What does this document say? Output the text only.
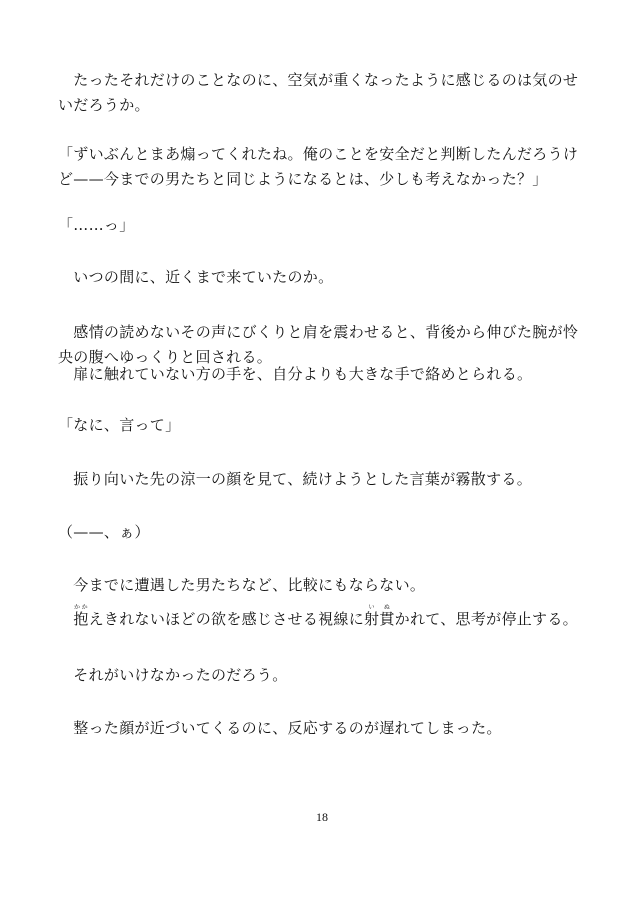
　たったそれだけのことなのに、空気が重くなったように感じるのは気のせいだろうか。

「ずいぶんとまあ煽ってくれたね。俺のことを安全だと判断したんだろうけど——今までの男たちと同じようになるとは、少しも考えなかった？」

「……っ」

　いつの間に、近くまで来ていたのか。

　感情の読めないその声にびくりと肩を震わせると、背後から伸びた腕が怜央の腹へゆっくりと回される。

　扉に触れていない方の手を、自分よりも大きな手で絡めとられる。

「なに、言って」

　振り向いた先の涼一の顔を見て、続けようとした言葉が霧散する。

（——、ぁ）

　今までに遭遇した男たちなど、比較にもならない。

　抱かかえきれないほどの欲を感じさせる視線に射貫いぬかれて、思考が停止する。

　それがいけなかったのだろう。

　整った顔が近づいてくるのに、反応するのが遅れてしまった。

18
